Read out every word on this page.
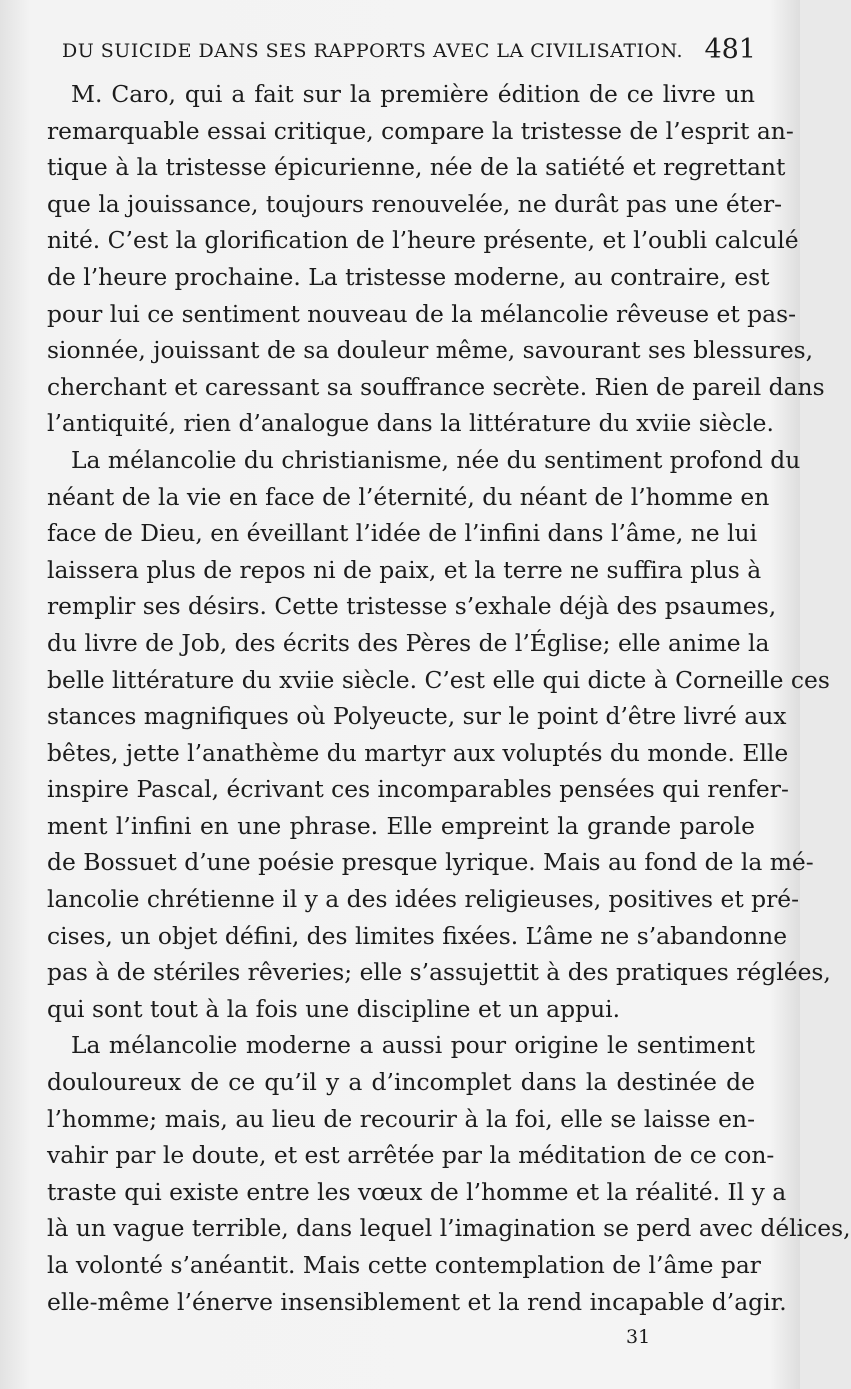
DU SUICIDE DANS SES RAPPORTS AVEC LA CIVILISATION. 481
M. Caro, qui a fait sur la première édition de ce livre un
remarquable essai critique, compare la tristesse de l’esprit an-
tique à la tristesse épicurienne, née de la satiété et regrettant
que la jouissance, toujours renouvelée, ne durât pas une éter-
nité. C’est la glorification de l’heure présente, et l’oubli calculé
de l’heure prochaine. La tristesse moderne, au contraire, est
pour lui ce sentiment nouveau de la mélancolie rêveuse et pas-
sionnée, jouissant de sa douleur même, savourant ses blessures,
cherchant et caressant sa souffrance secrète. Rien de pareil dans
l’antiquité, rien d’analogue dans la littérature du xviie siècle.
La mélancolie du christianisme, née du sentiment profond du
néant de la vie en face de l’éternité, du néant de l’homme en
face de Dieu, en éveillant l’idée de l’infini dans l’âme, ne lui
laissera plus de repos ni de paix, et la terre ne suffira plus à
remplir ses désirs. Cette tristesse s’exhale déjà des psaumes,
du livre de Job, des écrits des Pères de l’Église; elle anime la
belle littérature du xviie siècle. C’est elle qui dicte à Corneille ces
stances magnifiques où Polyeucte, sur le point d’être livré aux
bêtes, jette l’anathème du martyr aux voluptés du monde. Elle
inspire Pascal, écrivant ces incomparables pensées qui renfer-
ment l’infini en une phrase. Elle empreint la grande parole
de Bossuet d’une poésie presque lyrique. Mais au fond de la mé-
lancolie chrétienne il y a des idées religieuses, positives et pré-
cises, un objet défini, des limites fixées. L’âme ne s’abandonne
pas à de stériles rêveries; elle s’assujettit à des pratiques réglées,
qui sont tout à la fois une discipline et un appui.
La mélancolie moderne a aussi pour origine le sentiment
douloureux de ce qu’il y a d’incomplet dans la destinée de
l’homme; mais, au lieu de recourir à la foi, elle se laisse en-
vahir par le doute, et est arrêtée par la méditation de ce con-
traste qui existe entre les vœux de l’homme et la réalité. Il y a
là un vague terrible, dans lequel l’imagination se perd avec délices,
la volonté s’anéantit. Mais cette contemplation de l’âme par
elle-même l’énerve insensiblement et la rend incapable d’agir.
31
